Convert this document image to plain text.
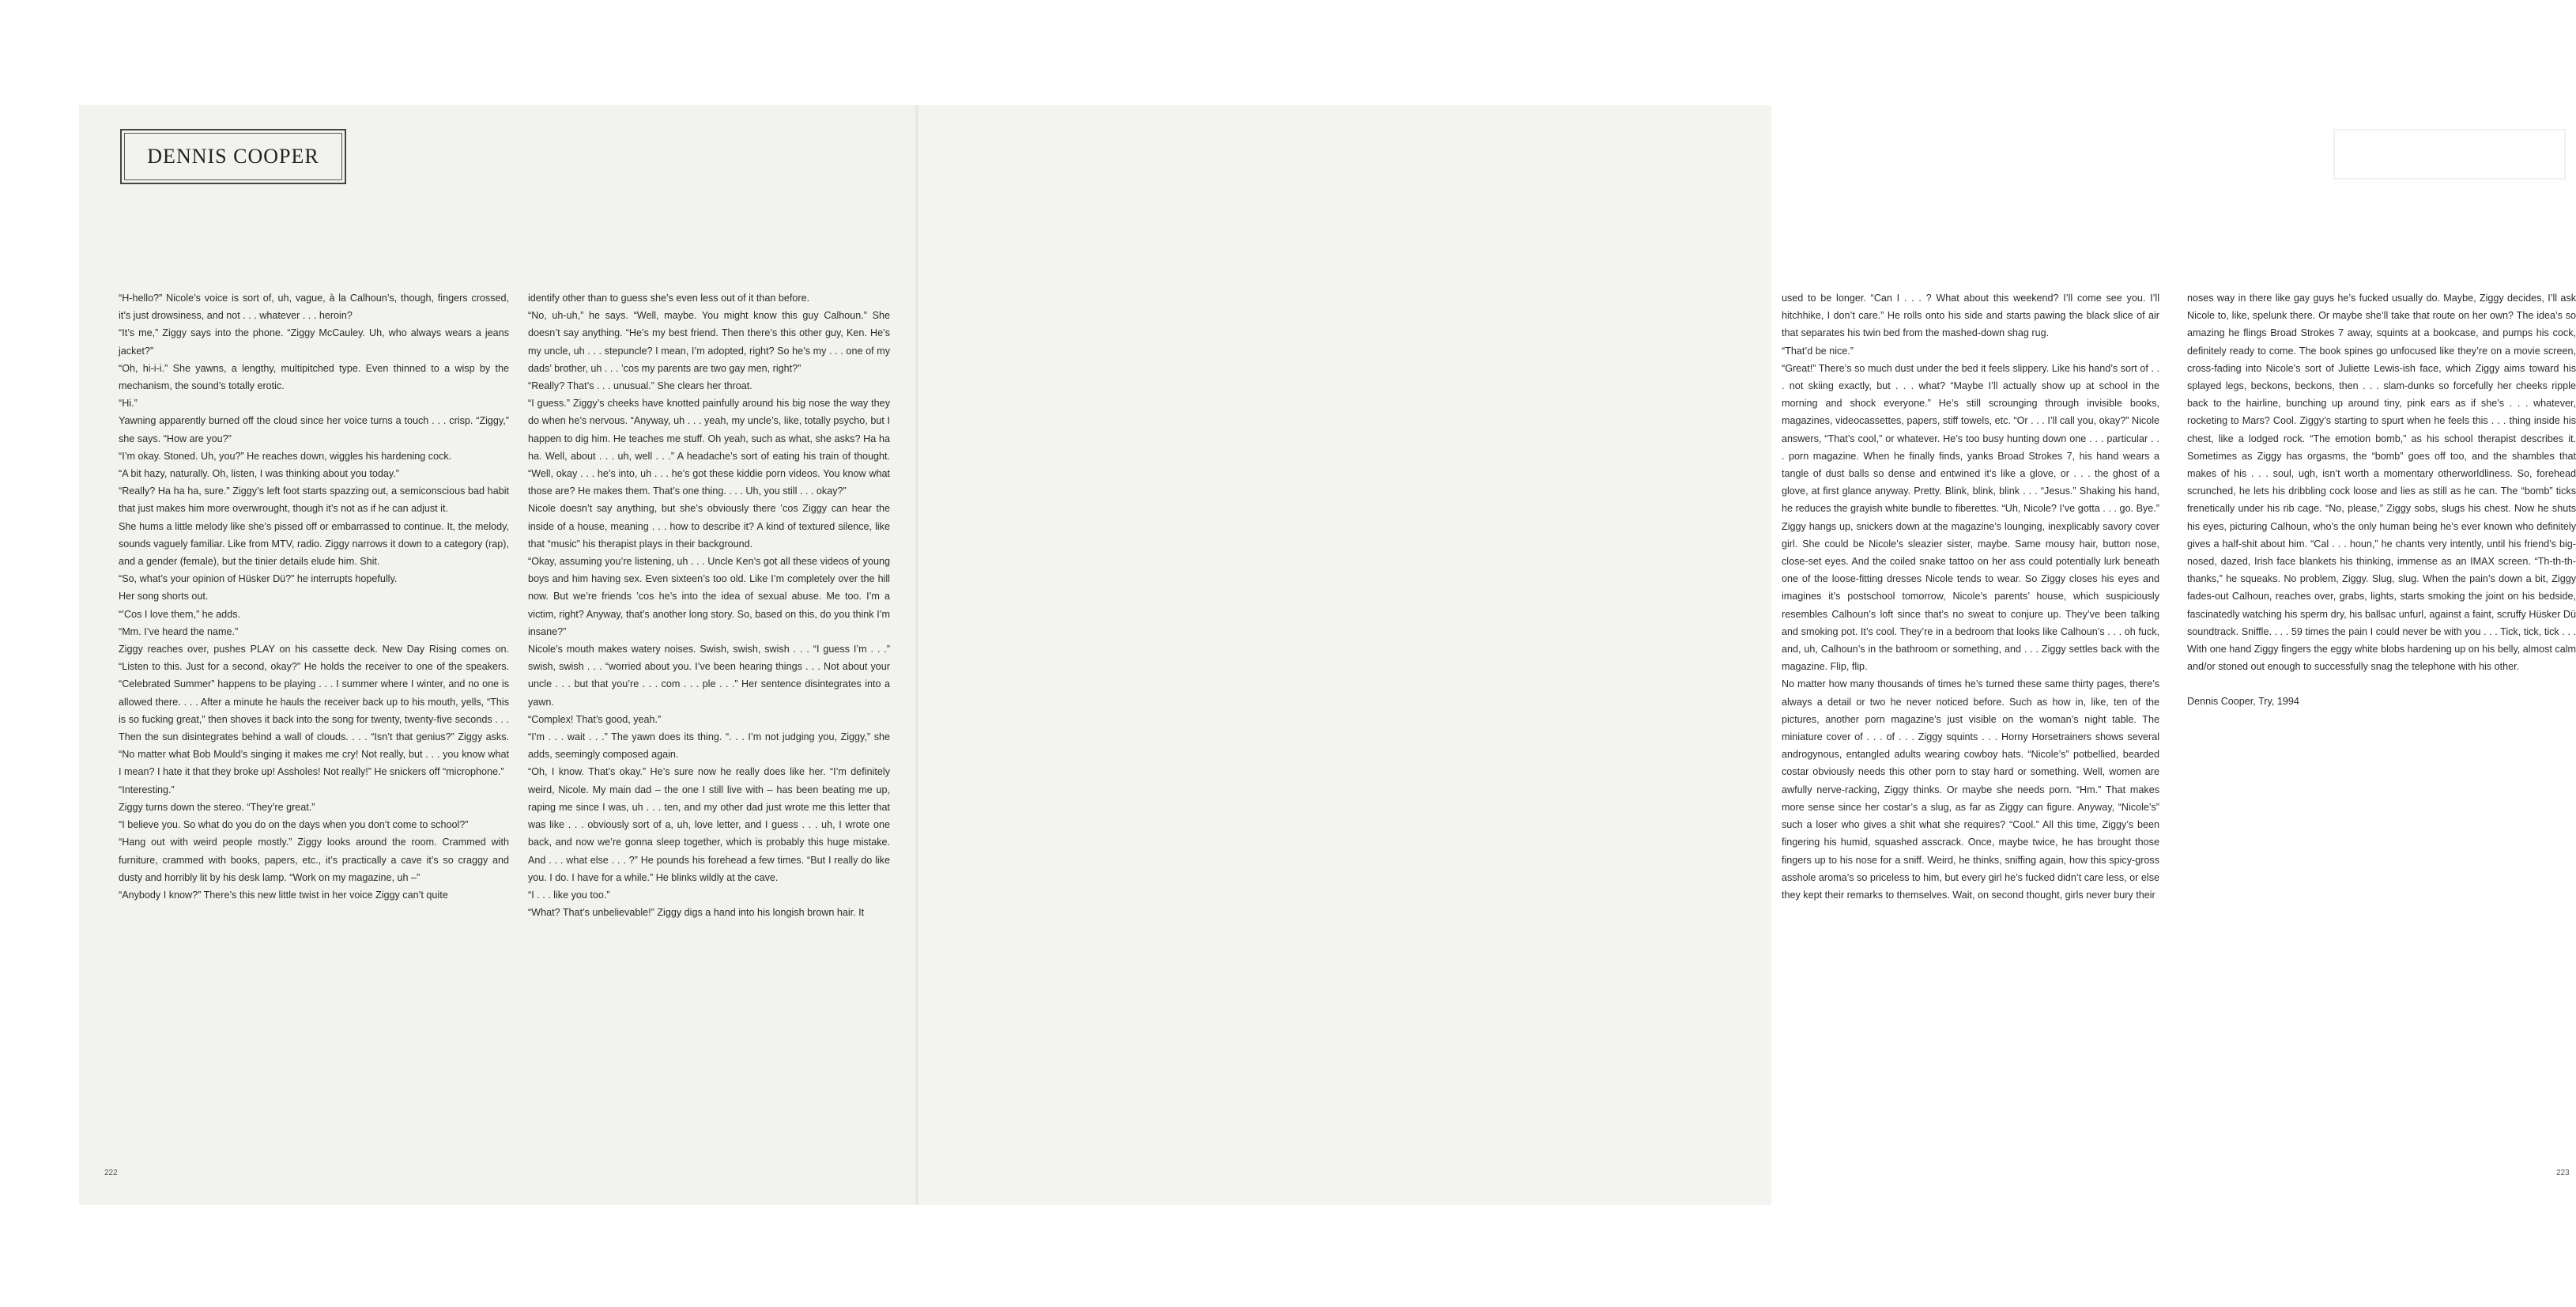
DENNIS COOPER

“H-hello?” Nicole’s voice is sort of, uh, vague, à la Calhoun’s, though, fingers crossed, it’s just drowsiness, and not . . . whatever . . . heroin?

“It’s me,” Ziggy says into the phone. “Ziggy McCauley. Uh, who always wears a jeans jacket?”

“Oh, hi-i-i.” She yawns, a lengthy, multipitched type. Even thinned to a wisp by the mechanism, the sound’s totally erotic.

“Hi.”

Yawning apparently burned off the cloud since her voice turns a touch . . . crisp. “Ziggy,” she says. “How are you?”

“I’m okay. Stoned. Uh, you?” He reaches down, wiggles his hardening cock.

“A bit hazy, naturally. Oh, listen, I was thinking about you today.”

“Really? Ha ha ha, sure.” Ziggy’s left foot starts spazzing out, a semiconscious bad habit that just makes him more overwrought, though it’s not as if he can adjust it.

She hums a little melody like she’s pissed off or embarrassed to continue. It, the melody, sounds vaguely familiar. Like from MTV, radio. Ziggy narrows it down to a category (rap), and a gender (female), but the tinier details elude him. Shit.

“So, what’s your opinion of Hüsker Dü?” he interrupts hopefully.

Her song shorts out.

“’Cos I love them,” he adds.

“Mm. I’ve heard the name.”

Ziggy reaches over, pushes PLAY on his cassette deck. New Day Rising comes on. “Listen to this. Just for a second, okay?” He holds the receiver to one of the speakers. “Celebrated Summer” happens to be playing . . . I summer where I winter, and no one is allowed there. . . . After a minute he hauls the receiver back up to his mouth, yells, “This is so fucking great,” then shoves it back into the song for twenty, twenty-five seconds . . . Then the sun disintegrates behind a wall of clouds. . . . “Isn’t that genius?” Ziggy asks. “No matter what Bob Mould’s singing it makes me cry! Not really, but . . . you know what I mean? I hate it that they broke up! Assholes! Not really!” He snickers off “microphone.”

“Interesting.”

Ziggy turns down the stereo. “They’re great.”

“I believe you. So what do you do on the days when you don’t come to school?”

“Hang out with weird people mostly.” Ziggy looks around the room. Crammed with furniture, crammed with books, papers, etc., it’s practically a cave it’s so craggy and dusty and horribly lit by his desk lamp. “Work on my magazine, uh –”

“Anybody I know?” There’s this new little twist in her voice Ziggy can’t quite

identify other than to guess she’s even less out of it than before.

“No, uh-uh,” he says. “Well, maybe. You might know this guy Calhoun.” She doesn’t say anything. “He’s my best friend. Then there’s this other guy, Ken. He’s my uncle, uh . . . stepuncle? I mean, I’m adopted, right? So he’s my . . . one of my dads’ brother, uh . . . ’cos my parents are two gay men, right?”

“Really? That’s . . . unusual.” She clears her throat.

“I guess.” Ziggy’s cheeks have knotted painfully around his big nose the way they do when he’s nervous. “Anyway, uh . . . yeah, my uncle’s, like, totally psycho, but I happen to dig him. He teaches me stuff. Oh yeah, such as what, she asks? Ha ha ha. Well, about . . . uh, well . . .” A headache’s sort of eating his train of thought. “Well, okay . . . he’s into, uh . . . he’s got these kiddie porn videos. You know what those are? He makes them. That’s one thing. . . . Uh, you still . . . okay?”

Nicole doesn’t say anything, but she’s obviously there ’cos Ziggy can hear the inside of a house, meaning . . . how to describe it? A kind of textured silence, like that “music” his therapist plays in their background.

“Okay, assuming you’re listening, uh . . . Uncle Ken’s got all these videos of young boys and him having sex. Even sixteen’s too old. Like I’m completely over the hill now. But we’re friends ’cos he’s into the idea of sexual abuse. Me too. I’m a victim, right? Anyway, that’s another long story. So, based on this, do you think I’m insane?”

Nicole’s mouth makes watery noises. Swish, swish, swish . . . “I guess I’m . . .” swish, swish . . . “worried about you. I’ve been hearing things . . . Not about your uncle . . . but that you’re . . . com . . . ple . . .” Her sentence disintegrates into a yawn.

“Complex! That’s good, yeah.”

“I’m . . . wait . . .” The yawn does its thing. “. . . I’m not judging you, Ziggy,” she adds, seemingly composed again.

“Oh, I know. That’s okay.” He’s sure now he really does like her. “I’m definitely weird, Nicole. My main dad – the one I still live with – has been beating me up, raping me since I was, uh . . . ten, and my other dad just wrote me this letter that was like . . . obviously sort of a, uh, love letter, and I guess . . . uh, I wrote one back, and now we’re gonna sleep together, which is probably this huge mistake. And . . . what else . . . ?” He pounds his forehead a few times. “But I really do like you. I do. I have for a while.” He blinks wildly at the cave.

“I . . . like you too.”

“What? That’s unbelievable!” Ziggy digs a hand into his longish brown hair. It

222

used to be longer. “Can I . . . ? What about this weekend? I’ll come see you. I’ll hitchhike, I don’t care.” He rolls onto his side and starts pawing the black slice of air that separates his twin bed from the mashed-down shag rug.

“That’d be nice.”

“Great!” There’s so much dust under the bed it feels slippery. Like his hand’s sort of . . . not skiing exactly, but . . . what? “Maybe I’ll actually show up at school in the morning and shock everyone.” He’s still scrounging through invisible books, magazines, videocassettes, papers, stiff towels, etc. “Or . . . I’ll call you, okay?” Nicole answers, “That’s cool,” or whatever. He’s too busy hunting down one . . . particular . . . porn magazine. When he finally finds, yanks Broad Strokes 7, his hand wears a tangle of dust balls so dense and entwined it’s like a glove, or . . . the ghost of a glove, at first glance anyway. Pretty. Blink, blink, blink . . . “Jesus.” Shaking his hand, he reduces the grayish white bundle to fiberettes. “Uh, Nicole? I’ve gotta . . . go. Bye.” Ziggy hangs up, snickers down at the magazine’s lounging, inexplicably savory cover girl. She could be Nicole’s sleazier sister, maybe. Same mousy hair, button nose, close-set eyes. And the coiled snake tattoo on her ass could potentially lurk beneath one of the loose-fitting dresses Nicole tends to wear. So Ziggy closes his eyes and imagines it’s postschool tomorrow, Nicole’s parents’ house, which suspiciously resembles Calhoun’s loft since that’s no sweat to conjure up. They’ve been talking and smoking pot. It’s cool. They’re in a bedroom that looks like Calhoun’s . . . oh fuck, and, uh, Calhoun’s in the bathroom or something, and . . . Ziggy settles back with the magazine. Flip, flip.

No matter how many thousands of times he’s turned these same thirty pages, there’s always a detail or two he never noticed before. Such as how in, like, ten of the pictures, another porn magazine’s just visible on the woman’s night table. The miniature cover of . . . of . . . Ziggy squints . . . Horny Horsetrainers shows several androgynous, entangled adults wearing cowboy hats. “Nicole’s” potbellied, bearded costar obviously needs this other porn to stay hard or something. Well, women are awfully nerve-racking, Ziggy thinks. Or maybe she needs porn. “Hm.” That makes more sense since her costar’s a slug, as far as Ziggy can figure. Anyway, “Nicole’s” such a loser who gives a shit what she requires? “Cool.” All this time, Ziggy’s been fingering his humid, squashed asscrack. Once, maybe twice, he has brought those fingers up to his nose for a sniff. Weird, he thinks, sniffing again, how this spicy-gross asshole aroma’s so priceless to him, but every girl he’s fucked didn’t care less, or else they kept their remarks to themselves. Wait, on second thought, girls never bury their

noses way in there like gay guys he’s fucked usually do. Maybe, Ziggy decides, I’ll ask Nicole to, like, spelunk there. Or maybe she’ll take that route on her own? The idea’s so amazing he flings Broad Strokes 7 away, squints at a bookcase, and pumps his cock, definitely ready to come. The book spines go unfocused like they’re on a movie screen, cross-fading into Nicole’s sort of Juliette Lewis-ish face, which Ziggy aims toward his splayed legs, beckons, beckons, then . . . slam-dunks so forcefully her cheeks ripple back to the hairline, bunching up around tiny, pink ears as if she’s . . . whatever, rocketing to Mars? Cool. Ziggy’s starting to spurt when he feels this . . . thing inside his chest, like a lodged rock. “The emotion bomb,” as his school therapist describes it. Sometimes as Ziggy has orgasms, the “bomb” goes off too, and the shambles that makes of his . . . soul, ugh, isn’t worth a momentary otherworldliness. So, forehead scrunched, he lets his dribbling cock loose and lies as still as he can. The “bomb” ticks frenetically under his rib cage. “No, please,” Ziggy sobs, slugs his chest. Now he shuts his eyes, picturing Calhoun, who’s the only human being he’s ever known who definitely gives a half-shit about him. “Cal . . . houn,” he chants very intently, until his friend’s big-nosed, dazed, Irish face blankets his thinking, immense as an IMAX screen. “Th-th-th-thanks,” he squeaks. No problem, Ziggy. Slug, slug. When the pain’s down a bit, Ziggy fades-out Calhoun, reaches over, grabs, lights, starts smoking the joint on his bedside, fascinatedly watching his sperm dry, his ballsac unfurl, against a faint, scruffy Hüsker Dü soundtrack. Sniffle. . . . 59 times the pain I could never be with you . . . Tick, tick, tick . . . With one hand Ziggy fingers the eggy white blobs hardening up on his belly, almost calm and/or stoned out enough to successfully snag the telephone with his other.

Dennis Cooper, Try, 1994

223
